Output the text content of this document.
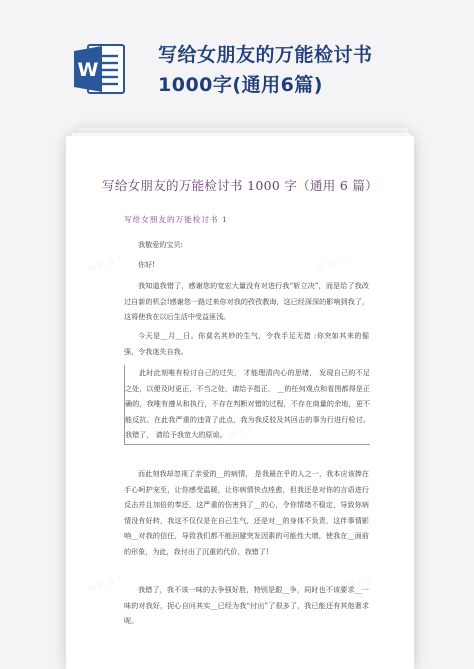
W
写给女朋友的万能检讨书1000字(通用6篇)
熊猫办公	熊猫办公
熊猫办公
熊猫办公	熊猫办公
写给女朋友的万能检讨书 1000 字（通用 6 篇）
写给女朋友的万能检讨书 1

我敬爱的宝贝:

你好!

我知道我错了，感谢您的宽宏大量没有对进行我“斩立决”，而是给了我改过自新的机会!感谢您一路过来你对我的孜孜教诲，这已经深深的影响到我了，这将使我在以后生活中受益匪浅。

今天是__月__日。你莫名其妙的生气，令我手足无措 :你突如其来的倔强，令我迷失自我。

此时此刻唯有检讨自己的过失， 才能理清内心的思绪， 发现自己的不足之处，以便及时更正，不当之处，请给予指正， __的任何观点和看图都得是正确的，我唯有遵从和执行，不存在判断对错的过程，不存在商量的余地，更不能反抗。在此我严重的违背了此点，我为我反驳及其回击的事为行进行检讨。 我错了， 请给予我宽大的原谅。

而此刻我却忽视了亲爱的__的病情， 是我最在乎的人之一，我本应该捧在手心呵护宠至，让你感受温暖，让你病情快点痊愈，但我还是对你的言语进行反击并且加倍的奉还，这严重的伤害到了__的心，令你情绪不稳定，导致你病情没有好转，我这不仅仅是在自己生气，还是对__的身体不负责，这伴事情影响__对我的信任，导致我们都不能回避突发因素的可能性大增，使我在__面前的形象，为此，我付出了沉重的代价，我错了!

我错了，我不该一味的去争强好胜，特别是跟__争，同时也不该要求__一味的对我好，扼心自问其实__已经为我“付出”了很多了，我已能还有其他奢求呢。
